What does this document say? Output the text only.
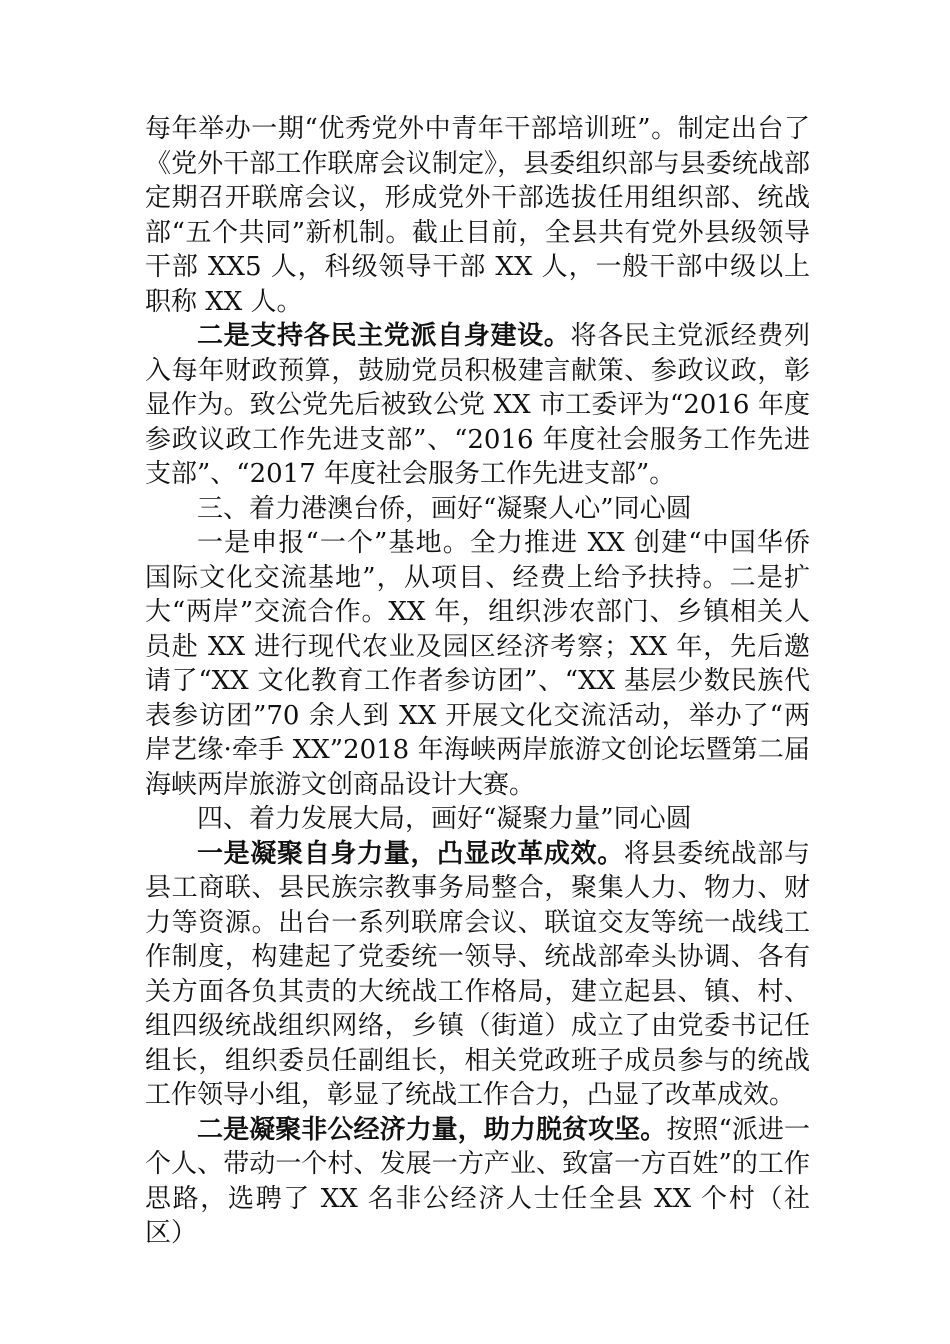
每年举办一期“优秀党外中青年干部培训班”。制定出台了《党外干部工作联席会议制定》，县委组织部与县委统战部定期召开联席会议，形成党外干部选拔任用组织部、统战部“五个共同”新机制。截止目前，全县共有党外县级领导干部 XX5 人，科级领导干部 XX 人，一般干部中级以上职称 XX 人。

二是支持各民主党派自身建设。将各民主党派经费列入每年财政预算，鼓励党员积极建言献策、参政议政，彰显作为。致公党先后被致公党 XX 市工委评为“2016 年度参政议政工作先进支部”、“2016 年度社会服务工作先进支部”、“2017 年度社会服务工作先进支部”。

三、着力港澳台侨，画好“凝聚人心”同心圆

一是申报“一个”基地。全力推进 XX 创建“中国华侨国际文化交流基地”，从项目、经费上给予扶持。二是扩大“两岸”交流合作。XX 年，组织涉农部门、乡镇相关人员赴 XX 进行现代农业及园区经济考察；XX 年，先后邀请了“XX 文化教育工作者参访团”、“XX 基层少数民族代表参访团”70 余人到 XX 开展文化交流活动，举办了“两岸艺缘·牵手 XX”2018 年海峡两岸旅游文创论坛暨第二届海峡两岸旅游文创商品设计大赛。

四、着力发展大局，画好“凝聚力量”同心圆

一是凝聚自身力量，凸显改革成效。将县委统战部与县工商联、县民族宗教事务局整合，聚集人力、物力、财力等资源。出台一系列联席会议、联谊交友等统一战线工作制度，构建起了党委统一领导、统战部牵头协调、各有关方面各负其责的大统战工作格局，建立起县、镇、村、组四级统战组织网络，乡镇（街道）成立了由党委书记任组长，组织委员任副组长，相关党政班子成员参与的统战工作领导小组，彰显了统战工作合力，凸显了改革成效。

二是凝聚非公经济力量，助力脱贫攻坚。按照“派进一个人、带动一个村、发展一方产业、致富一方百姓”的工作思路，选聘了 XX 名非公经济人士任全县 XX 个村（社区）
